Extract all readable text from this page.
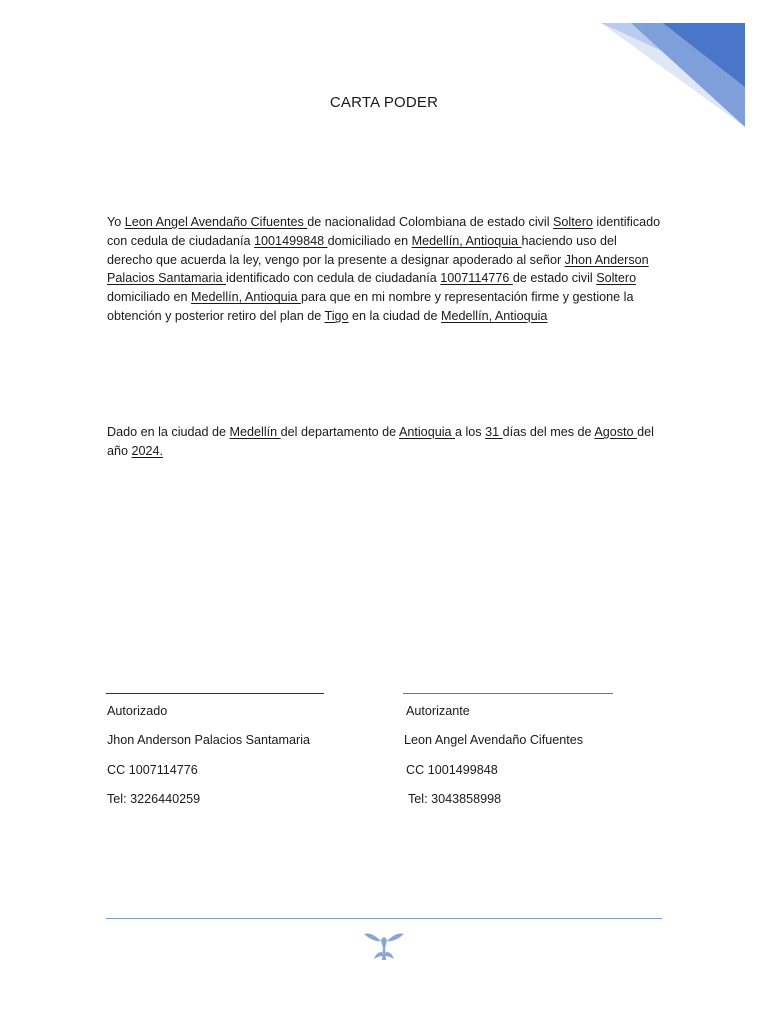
CARTA PODER
Yo Leon Angel Avendaño Cifuentes de nacionalidad Colombiana de estado civil Soltero identificado con cedula de ciudadanía 1001499848 domiciliado en Medellín, Antioquia haciendo uso del derecho que acuerda la ley, vengo por la presente a designar apoderado al señor Jhon Anderson Palacios Santamaria identificado con cedula de ciudadanía 1007114776 de estado civil Soltero domiciliado en Medellín, Antioquia para que en mi nombre y representación firme y gestione la obtención y posterior retiro del plan de Tigo en la ciudad de Medellín, Antioquia
Dado en la ciudad de Medellín del departamento de Antioquia a los 31 días del mes de Agosto del año 2024.
Autorizado
Jhon Anderson Palacios Santamaria
CC 1007114776
Tel: 3226440259
Autorizante
Leon Angel Avendaño Cifuentes
CC 1001499848
Tel: 3043858998
